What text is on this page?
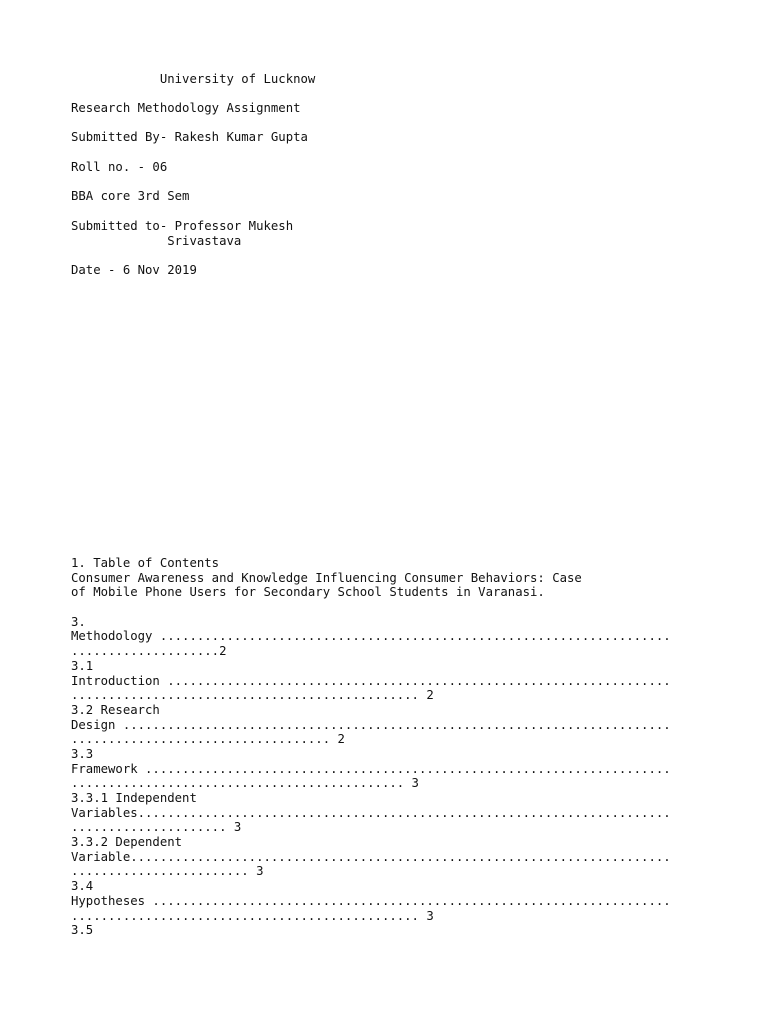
University of Lucknow
Research Methodology Assignment
Submitted By- Rakesh Kumar Gupta
Roll no. - 06
BBA core 3rd Sem
Submitted to- Professor Mukesh
Srivastava
Date - 6 Nov 2019
1. Table of Contents
Consumer Awareness and Knowledge Influencing Consumer Behaviors: Case
of Mobile Phone Users for Secondary School Students in Varanasi.
3.
Methodology .....................................................................
....................2
3.1
Introduction ....................................................................
............................................... 2
3.2 Research
Design ..........................................................................
................................... 2
3.3
Framework .......................................................................
............................................. 3
3.3.1 Independent
Variables........................................................................
..................... 3
3.3.2 Dependent
Variable.........................................................................
........................ 3
3.4
Hypotheses ......................................................................
............................................... 3
3.5
